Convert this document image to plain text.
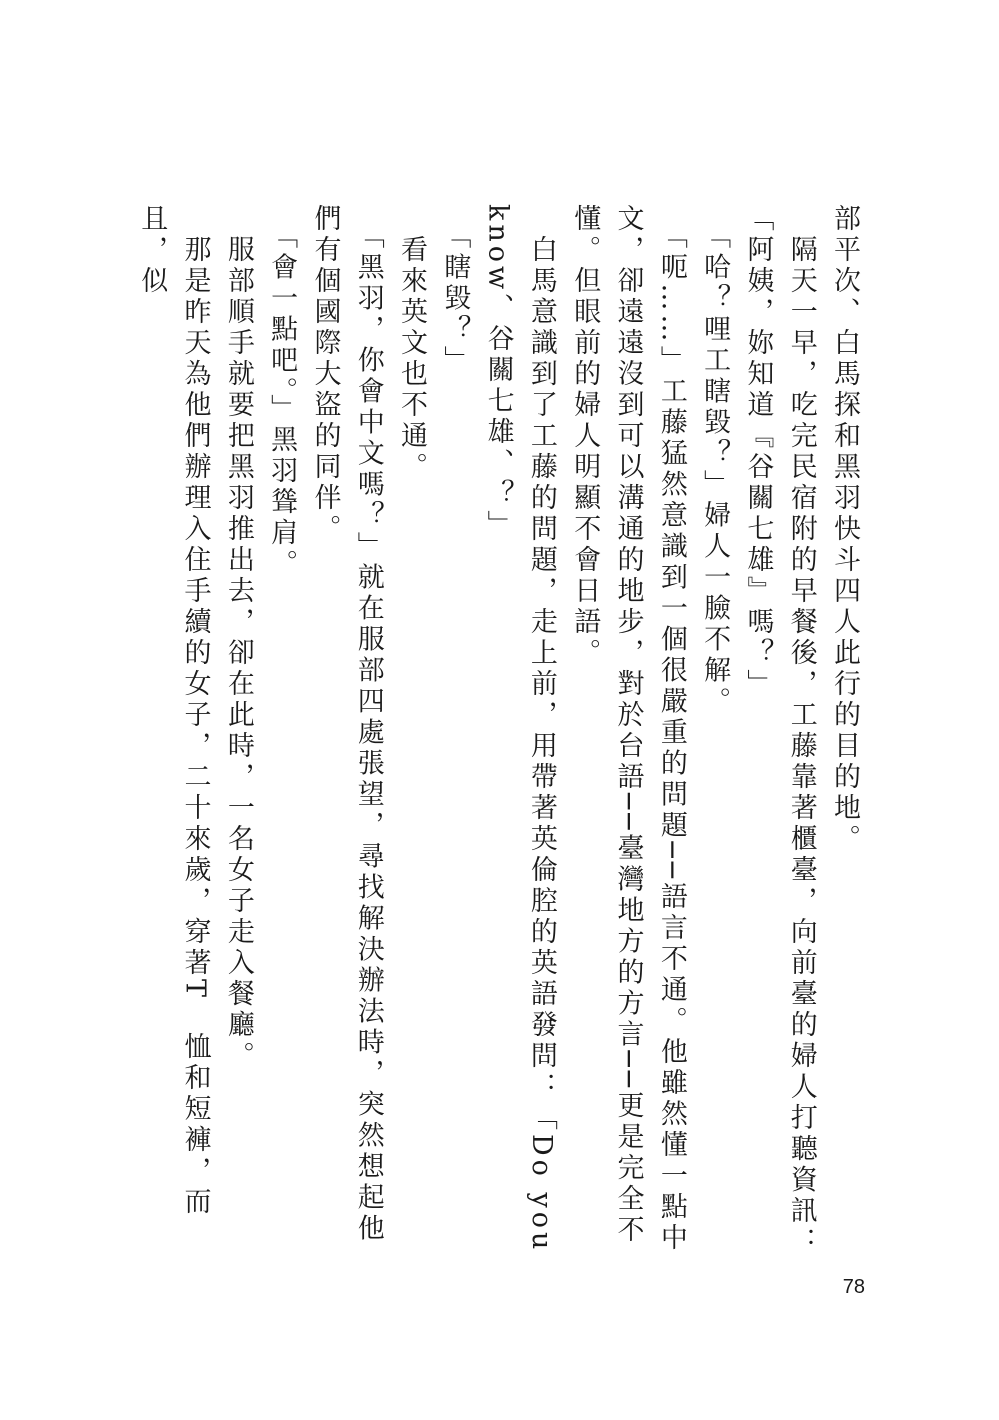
部平次、白馬探和黑羽快斗四人此行的目的地。

　隔天一早，吃完民宿附的早餐後，工藤靠著櫃臺，向前臺的婦人打聽資訊：「阿姨，妳知道『谷關七雄』嗎？」

　「哈？哩工瞎毀？」婦人一臉不解。

　「呃……」工藤猛然意識到一個很嚴重的問題──語言不通。他雖然懂一點中文，卻遠遠沒到可以溝通的地步，對於台語──臺灣地方的方言──更是完全不懂。但眼前的婦人明顯不會日語。

　白馬意識到了工藤的問題，走上前，用帶著英倫腔的英語發問：「Do you know、谷關七雄、？」

　「瞎毀？」

　看來英文也不通。

　「黑羽，你會中文嗎？」就在服部四處張望，尋找解決辦法時，突然想起他們有個國際大盜的同伴。

　「會一點吧。」黑羽聳肩。

　服部順手就要把黑羽推出去，卻在此時，一名女子走入餐廳。

　那是昨天為他們辦理入住手續的女子，二十來歲，穿著T　恤和短褲，而且，似

78
